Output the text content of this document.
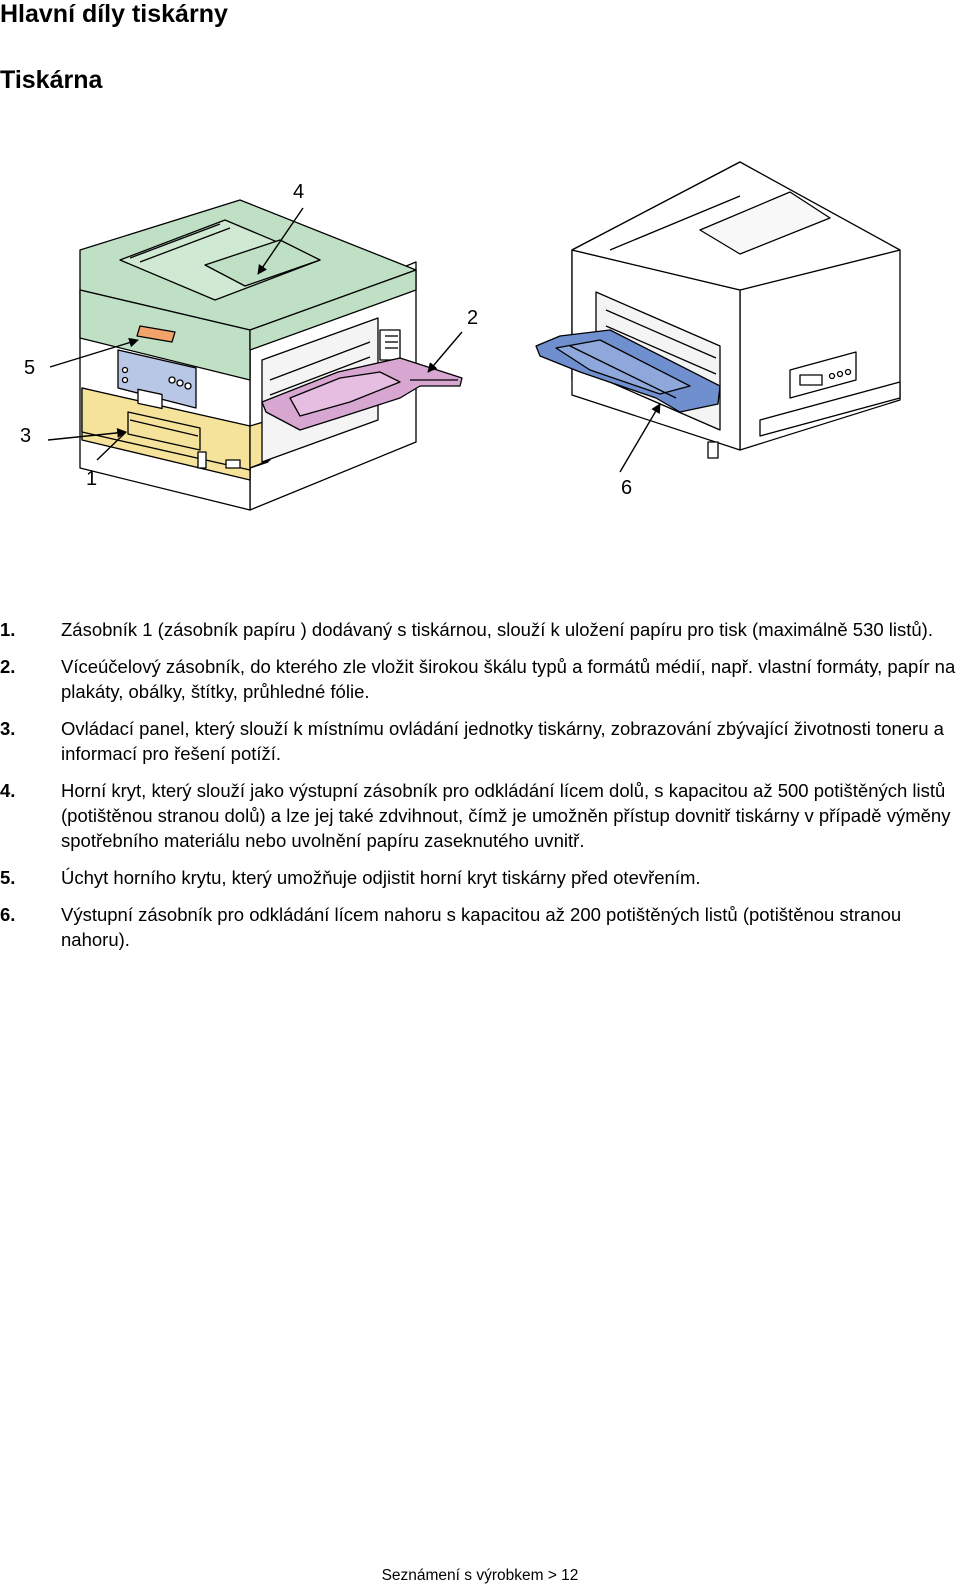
Hlavní díly tiskárny
Tiskárna
4
2
5
3
1	6
1. Zásobník 1 (zásobník papíru ) dodávaný s tiskárnou, slouží k uložení papíru pro tisk (maximálně 530 listů).
2. Víceúčelový zásobník, do kterého zle vložit širokou škálu typů a formátů médií, např. vlastní formáty, papír na plakáty, obálky, štítky, průhledné fólie.
3. Ovládací panel, který slouží k místnímu ovládání jednotky tiskárny, zobrazování zbývající životnosti toneru a informací pro řešení potíží.
4. Horní kryt, který slouží jako výstupní zásobník pro odkládání lícem dolů, s kapacitou až 500 potištěných listů (potištěnou stranou dolů) a lze jej také zdvihnout, čímž je umožněn přístup dovnitř tiskárny v případě výměny spotřebního materiálu nebo uvolnění papíru zaseknutého uvnitř.
5. Úchyt horního krytu, který umožňuje odjistit horní kryt tiskárny před otevřením.
6. Výstupní zásobník pro odkládání lícem nahoru s kapacitou až 200 potištěných listů (potištěnou stranou nahoru).
Seznámení s výrobkem > 12
